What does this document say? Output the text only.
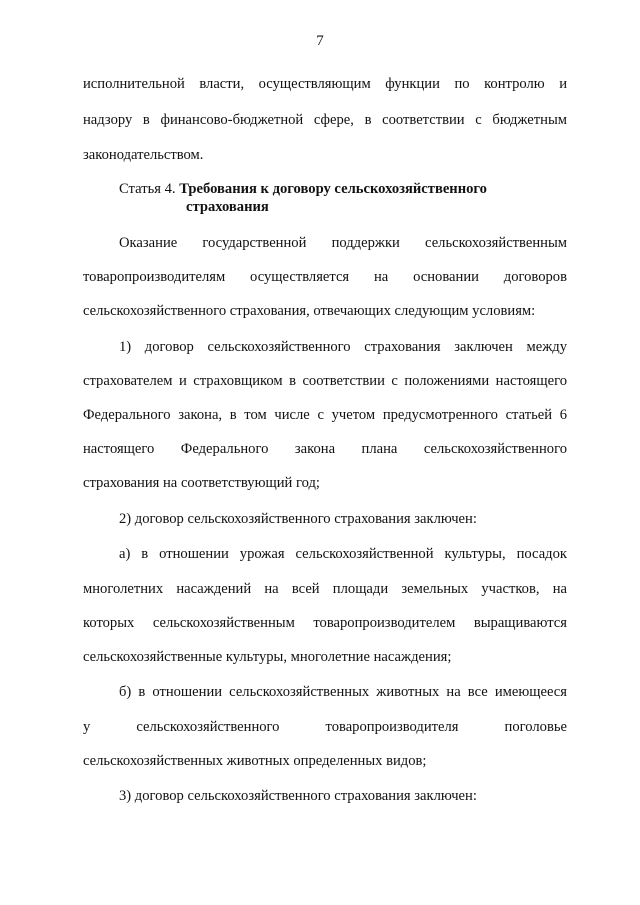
7
исполнительной власти, осуществляющим функции по контролю и
надзору в финансово-бюджетной сфере, в соответствии с бюджетным
законодательством.
Статья 4. Требования к договору сельскохозяйственного
страхования
Оказание государственной поддержки сельскохозяйственным
товаропроизводителям осуществляется на основании договоров
сельскохозяйственного страхования, отвечающих следующим условиям:
1) договор сельскохозяйственного страхования заключен между
страхователем и страховщиком в соответствии с положениями настоящего
Федерального закона, в том числе с учетом предусмотренного статьей 6
настоящего Федерального закона плана сельскохозяйственного
страхования на соответствующий год;
2) договор сельскохозяйственного страхования заключен:
а) в отношении урожая сельскохозяйственной культуры, посадок
многолетних насаждений на всей площади земельных участков, на
которых сельскохозяйственным товаропроизводителем выращиваются
сельскохозяйственные культуры, многолетние насаждения;
б) в отношении сельскохозяйственных животных на все имеющееся
у сельскохозяйственного товаропроизводителя поголовье
сельскохозяйственных животных определенных видов;
3) договор сельскохозяйственного страхования заключен:
